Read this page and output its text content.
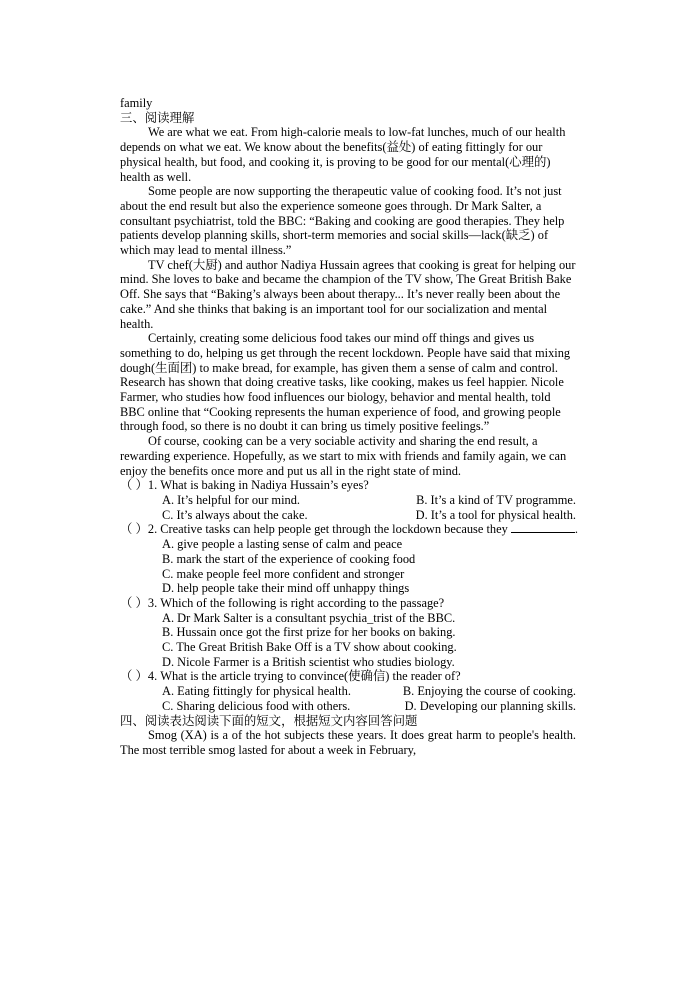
family

三、阅读理解

We are what we eat. From high-calorie meals to low-fat lunches, much of our health depends on what we eat. We know about the benefits(益处) of eating fittingly for our physical health, but food, and cooking it, is proving to be good for our mental(心理的) health as well.

Some people are now supporting the therapeutic value of cooking food. It’s not just about the end result but also the experience someone goes through. Dr Mark Salter, a consultant psychiatrist, told the BBC: “Baking and cooking are good therapies. They help patients develop planning skills, short-term memories and social skills—lack(缺乏) of which may lead to mental illness.”

TV chef(大厨) and author Nadiya Hussain agrees that cooking is great for helping our mind. She loves to bake and became the champion of the TV show, The Great British Bake Off. She says that “Baking’s always been about therapy... It’s never really been about the cake.” And she thinks that baking is an important tool for our socialization and mental health.

Certainly, creating some delicious food takes our mind off things and gives us something to do, helping us get through the recent lockdown. People have said that mixing dough(生面团) to make bread, for example, has given them a sense of calm and control. Research has shown that doing creative tasks, like cooking, makes us feel happier. Nicole Farmer, who studies how food influences our biology, behavior and mental health, told BBC online that “Cooking represents the human experience of food, and growing people through food, so there is no doubt it can bring us timely positive feelings.”

Of course, cooking can be a very sociable activity and sharing the end result, a rewarding experience. Hopefully, as we start to mix with friends and family again, we can enjoy the benefits once more and put us all in the right state of mind.

（ ）1. What is baking in Nadiya Hussain’s eyes?

A. It’s helpful for our mind.	B. It’s a kind of TV programme.
C. It’s always about the cake.	D. It’s a tool for physical health.

（ ）2. Creative tasks can help people get through the lockdown because they	.

A. give people a lasting sense of calm and peace

B. mark the start of the experience of cooking food

C. make people feel more confident and stronger

D. help people take their mind off unhappy things

（ ）3. Which of the following is right according to the passage?

A. Dr Mark Salter is a consultant psychia_trist of the BBC.

B. Hussain once got the first prize for her books on baking.

C. The Great British Bake Off is a TV show about cooking.

D. Nicole Farmer is a British scientist who studies biology.

（ ）4. What is the article trying to convince(使确信) the reader of?

A. Eating fittingly for physical health.	B. Enjoying the course of cooking.
C. Sharing delicious food with others.	D. Developing our planning skills.

四、阅读表达阅读下面的短文，根据短文内容回答问题

Smog (XA) is a of the hot subjects these years. It does great harm to people's health. The most terrible smog lasted for about a week in February,
